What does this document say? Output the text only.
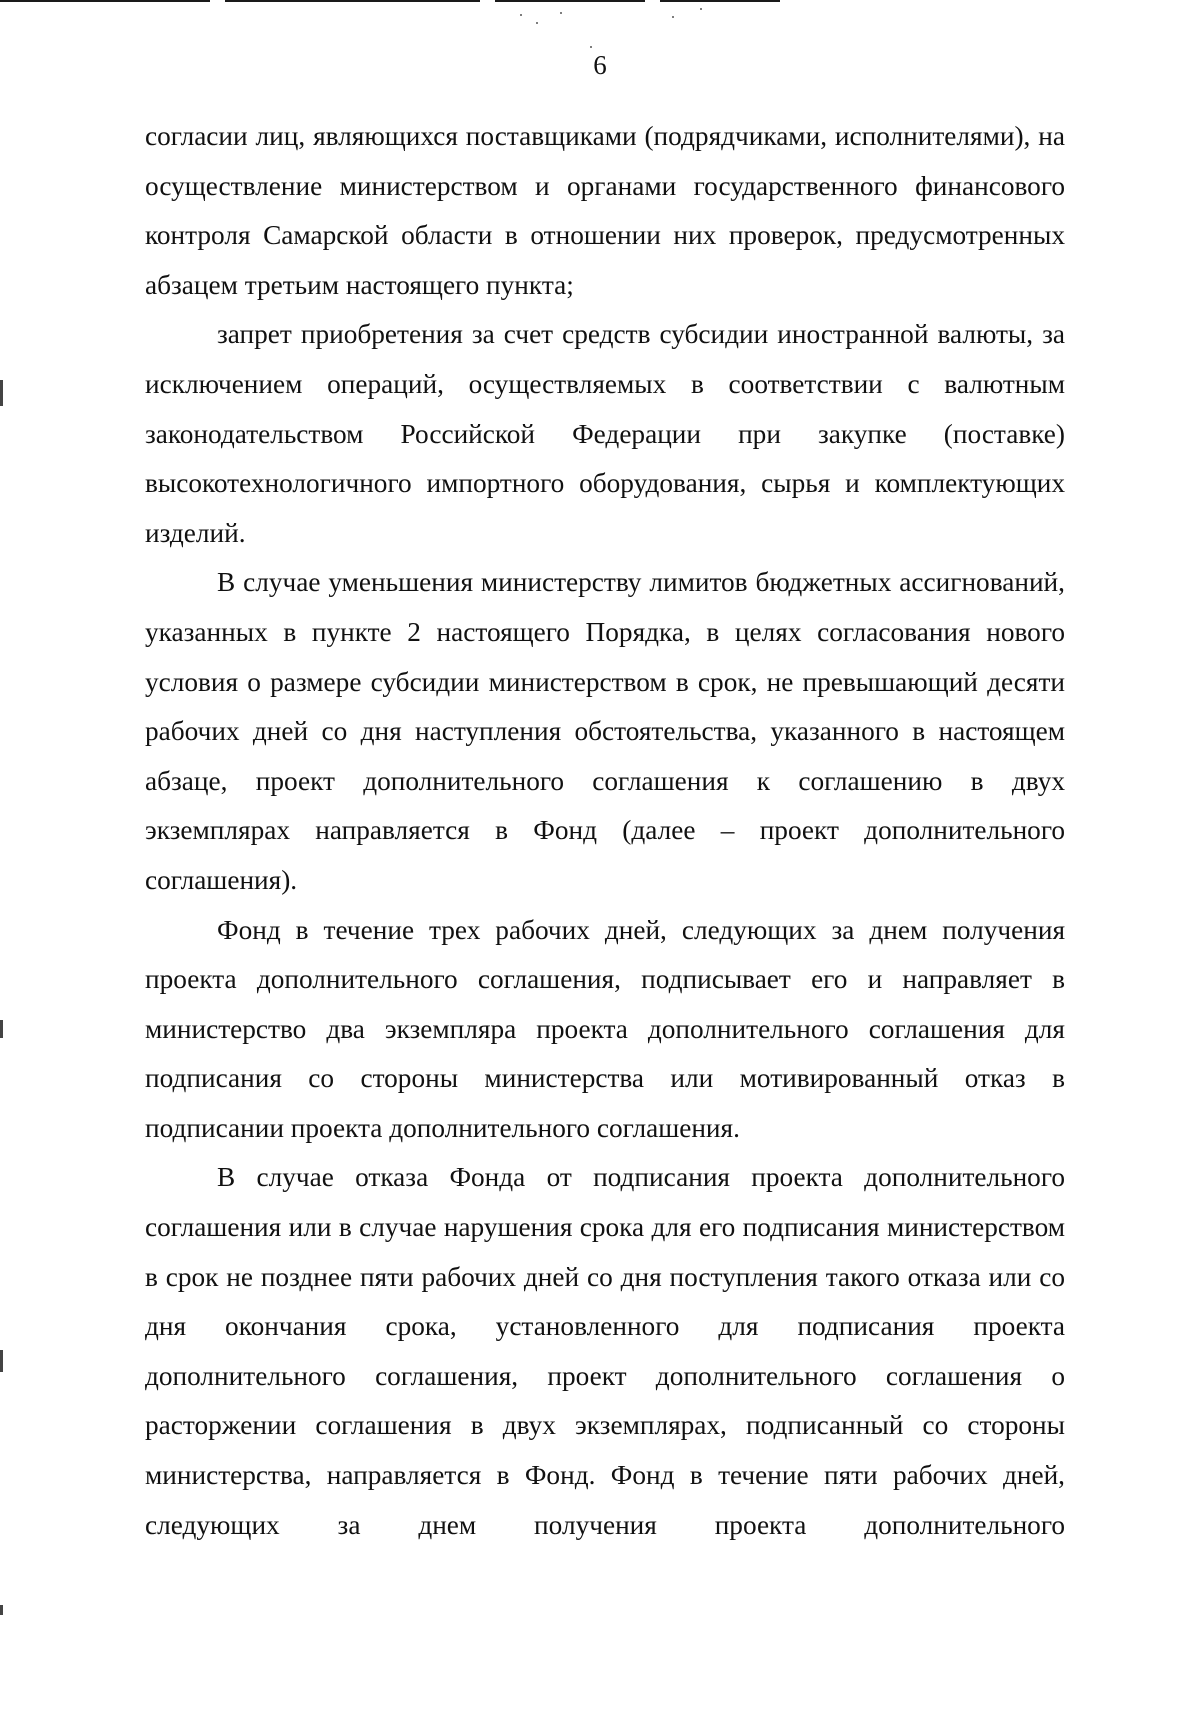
6

согласии лиц, являющихся поставщиками (подрядчиками, исполнителями), на осуществление министерством и органами государственного финансового контроля Самарской области в отношении них проверок, предусмотренных абзацем третьим настоящего пункта;

запрет приобретения за счет средств субсидии иностранной валюты, за исключением операций, осуществляемых в соответствии с валютным законодательством Российской Федерации при закупке (поставке) высокотехнологичного импортного оборудования, сырья и комплектующих изделий.

В случае уменьшения министерству лимитов бюджетных ассигнований, указанных в пункте 2 настоящего Порядка, в целях согласования нового условия о размере субсидии министерством в срок, не превышающий десяти рабочих дней со дня наступления обстоятельства, указанного в настоящем абзаце, проект дополнительного соглашения к соглашению в двух экземплярах направляется в Фонд (далее – проект дополнительного соглашения).

Фонд в течение трех рабочих дней, следующих за днем получения проекта дополнительного соглашения, подписывает его и направляет в министерство два экземпляра проекта дополнительного соглашения для подписания со стороны министерства или мотивированный отказ в подписании проекта дополнительного соглашения.

В случае отказа Фонда от подписания проекта дополнительного соглашения или в случае нарушения срока для его подписания министерством в срок не позднее пяти рабочих дней со дня поступления такого отказа или со дня окончания срока, установленного для подписания проекта дополнительного соглашения, проект дополнительного соглашения о расторжении соглашения в двух экземплярах, подписанный со стороны министерства, направляется в Фонд. Фонд в течение пяти рабочих дней, следующих за днем получения проекта дополнительного
